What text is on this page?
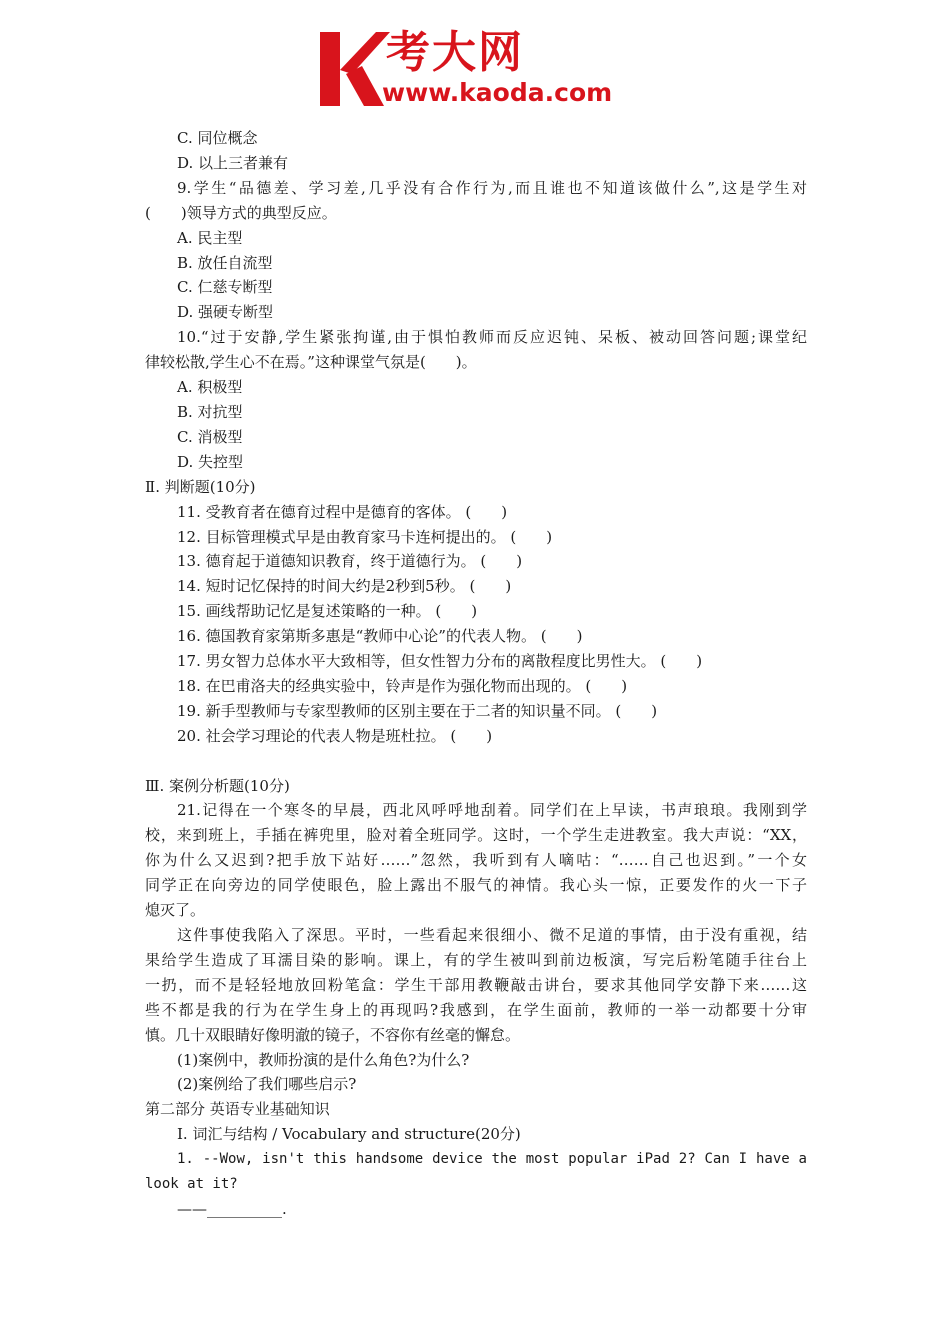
考大网
www.kaoda.com
C. 同位概念
D. 以上三者兼有
9.学生“品德差、学习差,几乎没有合作行为,而且谁也不知道该做什么”,这是学生对
(　　)领导方式的典型反应。
A. 民主型
B. 放任自流型
C. 仁慈专断型
D. 强硬专断型
10.“过于安静,学生紧张拘谨,由于惧怕教师而反应迟钝、呆板、被动回答问题;课堂纪
律较松散,学生心不在焉。”这种课堂气氛是(　　)。
A. 积极型
B. 对抗型
C. 消极型
D. 失控型
Ⅱ. 判断题(10分)
11. 受教育者在德育过程中是德育的客体。 (　　)
12. 目标管理模式早是由教育家马卡连柯提出的。 (　　)
13. 德育起于道德知识教育，终于道德行为。 (　　)
14. 短时记忆保持的时间大约是2秒到5秒。 (　　)
15. 画线帮助记忆是复述策略的一种。 (　　)
16. 德国教育家第斯多惠是“教师中心论”的代表人物。 (　　)
17. 男女智力总体水平大致相等，但女性智力分布的离散程度比男性大。 (　　)
18. 在巴甫洛夫的经典实验中，铃声是作为强化物而出现的。 (　　)
19. 新手型教师与专家型教师的区别主要在于二者的知识量不同。 (　　)
20. 社会学习理论的代表人物是班杜拉。 (　　)
Ⅲ. 案例分析题(10分)
21.记得在一个寒冬的早晨，西北风呼呼地刮着。同学们在上早读，书声琅琅。我刚到学
校，来到班上，手插在裤兜里，脸对着全班同学。这时，一个学生走进教室。我大声说：“XX，
你为什么又迟到?把手放下站好……”忽然，我听到有人嘀咕：“……自己也迟到。”一个女
同学正在向旁边的同学使眼色，脸上露出不服气的神情。我心头一惊，正要发作的火一下子
熄灭了。
这件事使我陷入了深思。平时，一些看起来很细小、微不足道的事情，由于没有重视，结
果给学生造成了耳濡目染的影响。课上，有的学生被叫到前边板演，写完后粉笔随手往台上
一扔，而不是轻轻地放回粉笔盒：学生干部用教鞭敲击讲台，要求其他同学安静下来……这
些不都是我的行为在学生身上的再现吗?我感到，在学生面前，教师的一举一动都要十分审
慎。几十双眼睛好像明澈的镜子，不容你有丝毫的懈怠。
(1)案例中，教师扮演的是什么角色?为什么?
(2)案例给了我们哪些启示?
第二部分 英语专业基础知识
I. 词汇与结构 / Vocabulary and structure(20分)
1. --Wow, isn't this handsome device the most popular iPad 2? Can I have a
look at it?
——__________.
